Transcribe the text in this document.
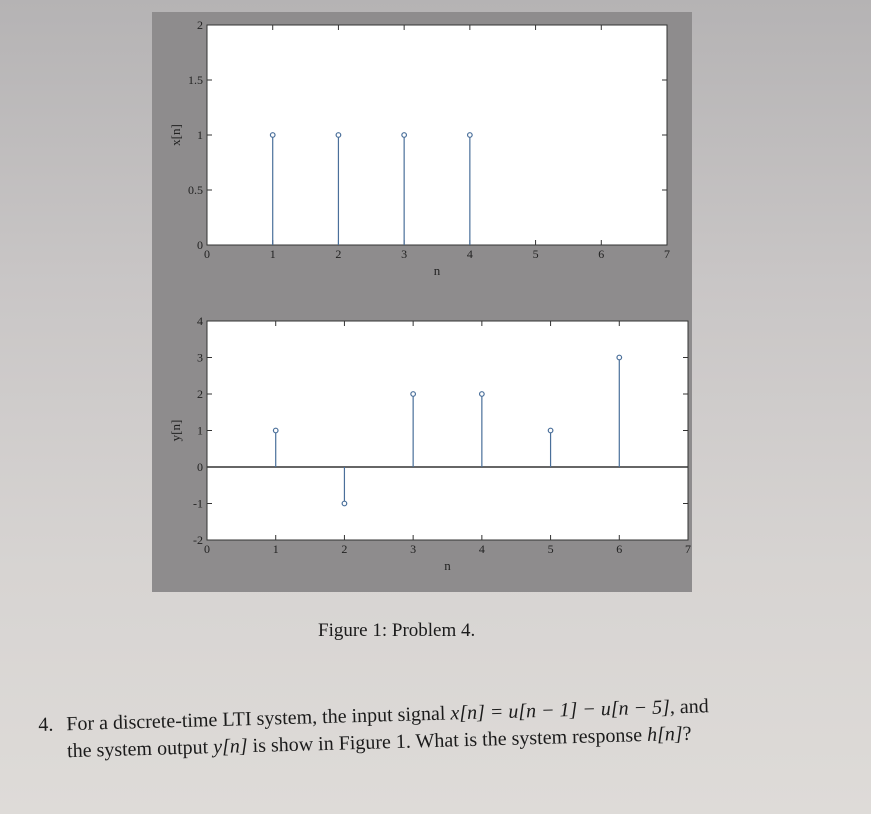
0
0.5
1
1.5
2
0	1	2	3	4	5	6	7
n
x[n]
-2
-1
0
1
2
3
4
0	1	2	3	4	5	6	7
n
y[n]
Figure 1: Problem 4.

4. For a discrete-time LTI system, the input signal x[n] = u[n − 1] − u[n − 5], and

the system output y[n] is show in Figure 1. What is the system response h[n]?
